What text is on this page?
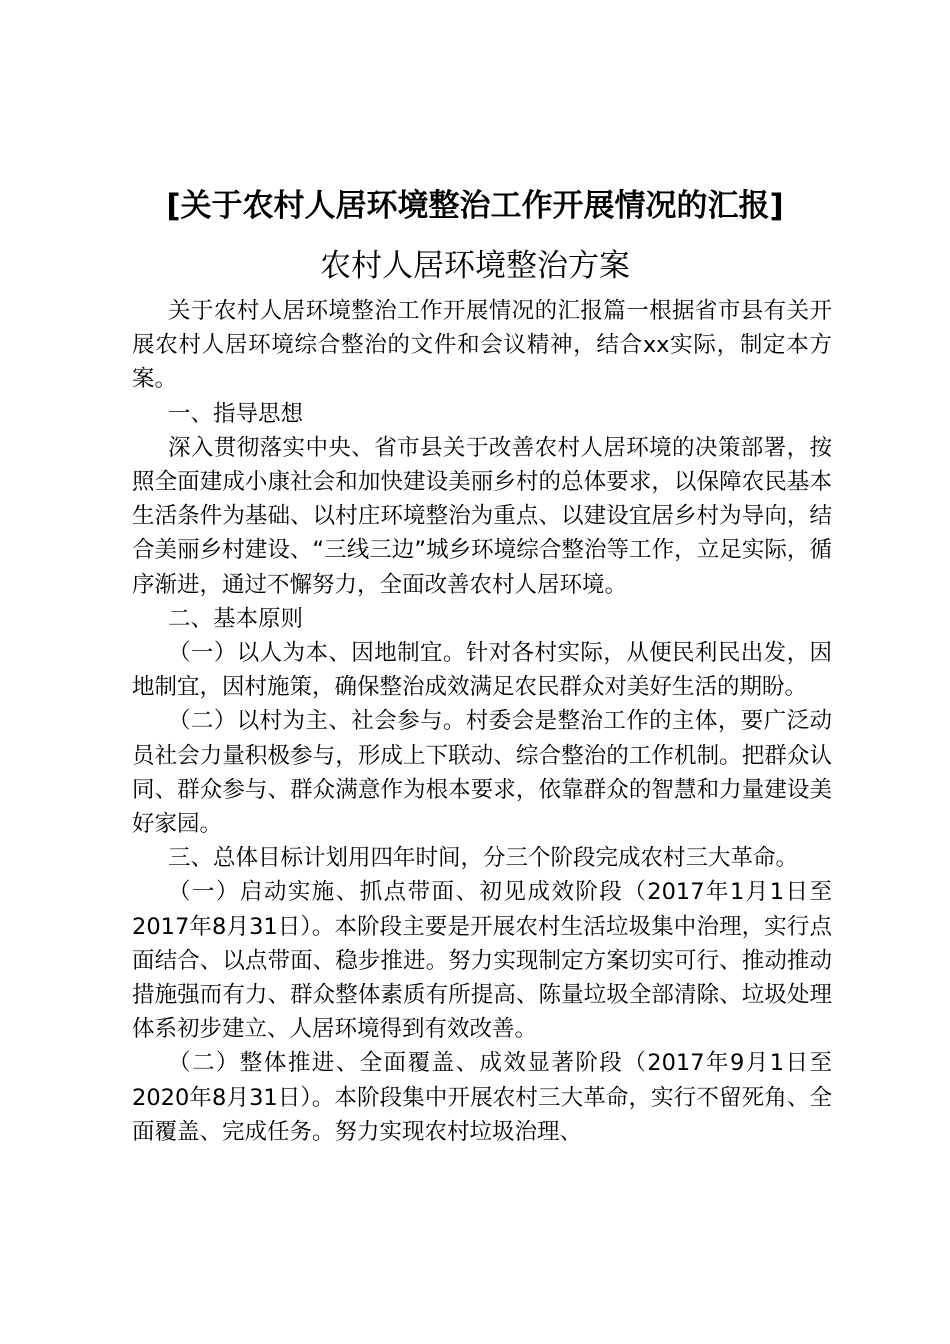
[关于农村人居环境整治工作开展情况的汇报]
农村人居环境整治方案

关于农村人居环境整治工作开展情况的汇报篇一根据省市县有关开展农村人居环境综合整治的文件和会议精神，结合xx实际，制定本方案。

一、指导思想

深入贯彻落实中央、省市县关于改善农村人居环境的决策部署，按照全面建成小康社会和加快建设美丽乡村的总体要求，以保障农民基本生活条件为基础、以村庄环境整治为重点、以建设宜居乡村为导向，结合美丽乡村建设、“三线三边”城乡环境综合整治等工作，立足实际，循序渐进，通过不懈努力，全面改善农村人居环境。

二、基本原则

（一）以人为本、因地制宜。针对各村实际，从便民利民出发，因地制宜，因村施策，确保整治成效满足农民群众对美好生活的期盼。

（二）以村为主、社会参与。村委会是整治工作的主体，要广泛动员社会力量积极参与，形成上下联动、综合整治的工作机制。把群众认同、群众参与、群众满意作为根本要求，依靠群众的智慧和力量建设美好家园。

三、总体目标计划用四年时间，分三个阶段完成农村三大革命。

（一）启动实施、抓点带面、初见成效阶段（2017年1月1日至2017年8月31日）。本阶段主要是开展农村生活垃圾集中治理，实行点面结合、以点带面、稳步推进。努力实现制定方案切实可行、推动推动措施强而有力、群众整体素质有所提高、陈量垃圾全部清除、垃圾处理体系初步建立、人居环境得到有效改善。

（二）整体推进、全面覆盖、成效显著阶段（2017年9月1日至2020年8月31日）。本阶段集中开展农村三大革命，实行不留死角、全面覆盖、完成任务。努力实现农村垃圾治理、
